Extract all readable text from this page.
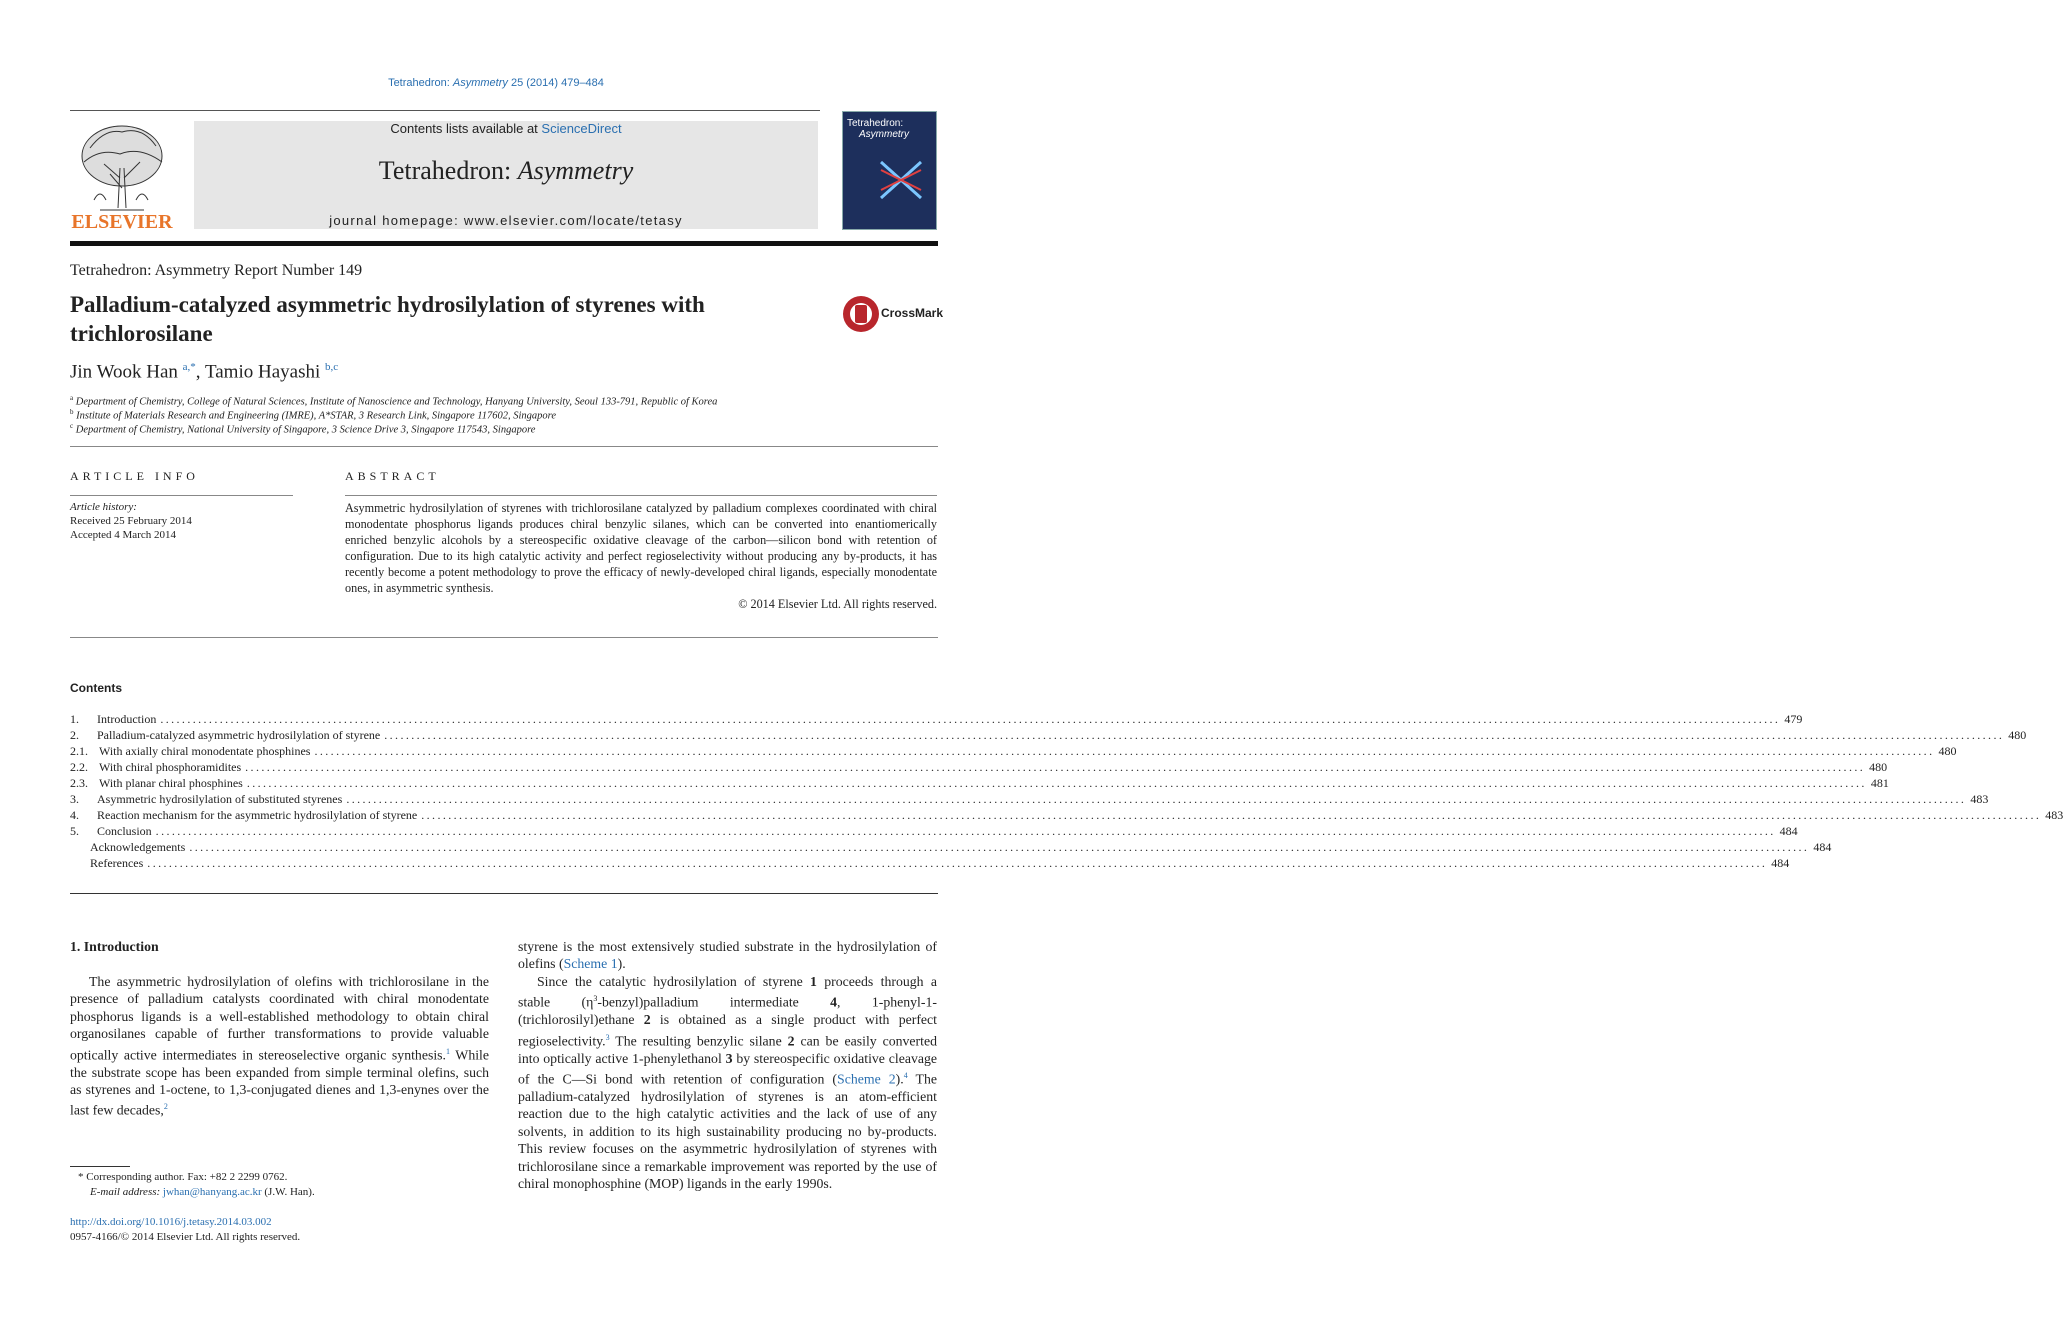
Tetrahedron: Asymmetry 25 (2014) 479–484
ELSEVIER
Contents lists available at ScienceDirect
Tetrahedron: Asymmetry
journal homepage: www.elsevier.com/locate/tetasy
Tetrahedron:
Asymmetry
Tetrahedron: Asymmetry Report Number 149
Palladium-catalyzed asymmetric hydrosilylation of styrenes with trichlorosilane
CrossMark
Jin Wook Han $^{a,*}$, Tamio Hayashi $^{b,c}$
$^a$ Department of Chemistry, College of Natural Sciences, Institute of Nanoscience and Technology, Hanyang University, Seoul 133-791, Republic of Korea
$^b$ Institute of Materials Research and Engineering (IMRE), A*STAR, 3 Research Link, Singapore 117602, Singapore
$^c$ Department of Chemistry, National University of Singapore, 3 Science Drive 3, Singapore 117543, Singapore
ARTICLE INFO
Article history:
Received 25 February 2014
Accepted 4 March 2014
ABSTRACT
Asymmetric hydrosilylation of styrenes with trichlorosilane catalyzed by palladium complexes coordinated with chiral monodentate phosphorus ligands produces chiral benzylic silanes, which can be converted into enantiomerically enriched benzylic alcohols by a stereospecific oxidative cleavage of the carbon—silicon bond with retention of configuration. Due to its high catalytic activity and perfect regioselectivity without producing any by-products, it has recently become a potent methodology to prove the efficacy of newly-developed chiral ligands, especially monodentate ones, in asymmetric synthesis.
© 2014 Elsevier Ltd. All rights reserved.
Contents
1. Introduction ............................................................................................................................................................................................................................................................................................................ 479
2. Palladium-catalyzed asymmetric hydrosilylation of styrene ............................................................................................................................................................................................................................................................................................................ 480
2.1. With axially chiral monodentate phosphines ............................................................................................................................................................................................................................................................................................................ 480
2.2. With chiral phosphoramidites ............................................................................................................................................................................................................................................................................................................ 480
2.3. With planar chiral phosphines ............................................................................................................................................................................................................................................................................................................ 481
3. Asymmetric hydrosilylation of substituted styrenes ............................................................................................................................................................................................................................................................................................................ 483
4. Reaction mechanism for the asymmetric hydrosilylation of styrene ............................................................................................................................................................................................................................................................................................................ 483
5. Conclusion ............................................................................................................................................................................................................................................................................................................ 484
Acknowledgements ............................................................................................................................................................................................................................................................................................................ 484
References ............................................................................................................................................................................................................................................................................................................ 484
1. Introduction
The asymmetric hydrosilylation of olefins with trichlorosilane in the presence of palladium catalysts coordinated with chiral monodentate phosphorus ligands is a well-established methodology to obtain chiral organosilanes capable of further transformations to provide valuable optically active intermediates in stereoselective organic synthesis.$^1$ While the substrate scope has been expanded from simple terminal olefins, such as styrenes and 1-octene, to 1,3-conjugated dienes and 1,3-enynes over the last few decades,$^2$
styrene is the most extensively studied substrate in the hydrosilylation of olefins (Scheme 1).
Since the catalytic hydrosilylation of styrene 1 proceeds through a stable $(\eta^3-benzyl)palladium$ intermediate 4, 1-phenyl-1-(trichlorosilyl)ethane 2 is obtained as a single product with perfect regioselectivity.$^3$ The resulting benzylic silane 2 can be easily converted into optically active 1-phenylethanol 3 by stereospecific oxidative cleavage of the C—Si bond with retention of configuration (Scheme 2).$^4$ The palladium-catalyzed hydrosilylation of styrenes is an atom-efficient reaction due to the high catalytic activities and the lack of use of any solvents, in addition to its high sustainability producing no by-products. This review focuses on the asymmetric hydrosilylation of styrenes with trichlorosilane since a remarkable improvement was reported by the use of chiral monophosphine (MOP) ligands in the early 1990s.
* Corresponding author. Fax: +82 2 2299 0762.
E-mail address: jwhan@hanyang.ac.kr (J.W. Han).
http://dx.doi.org/10.1016/j.tetasy.2014.03.002
0957-4166/© 2014 Elsevier Ltd. All rights reserved.
